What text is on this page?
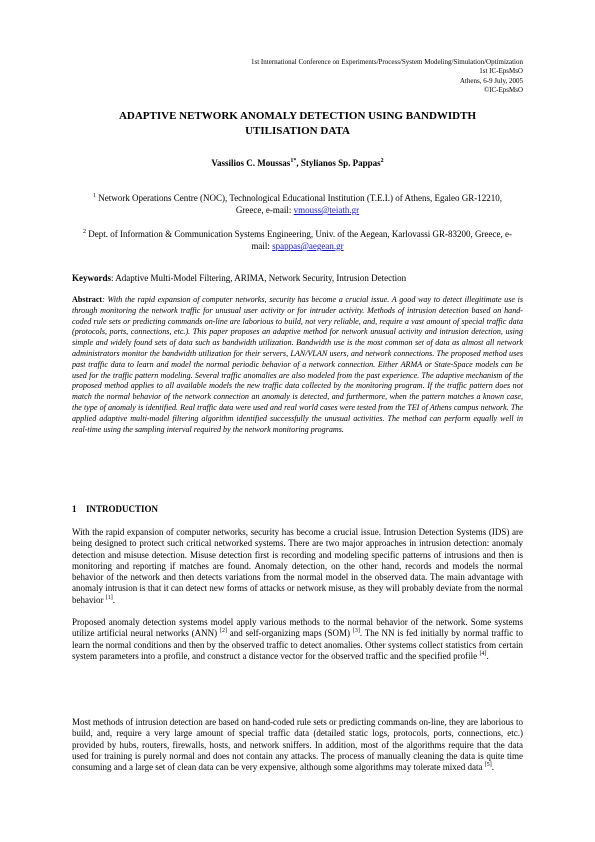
1st International Conference on Experiments/Process/System Modeling/Simulation/Optimization
1st IC-EpsMsO
Athens, 6-9 July, 2005
©IC-EpsMsO
ADAPTIVE NETWORK ANOMALY DETECTION USING BANDWIDTH
UTILISATION DATA
Vassilios C. Moussas$^{1*}$, Stylianos Sp. Pappas$^2$
$^1$ Network Operations Centre (NOC), Technological Educational Institution (T.E.I.) of Athens, Egaleo GR-12210, Greece, e-mail: vmouss@teiath.gr
$^2$ Dept. of Information & Communication Systems Engineering, Univ. of the Aegean, Karlovassi GR-83200, Greece, e-mail: spappas@aegean.gr
Keywords: Adaptive Multi-Model Filtering, ARIMA, Network Security, Intrusion Detection
Abstract: With the rapid expansion of computer networks, security has become a crucial issue. A good way to detect illegitimate use is through monitoring the network traffic for unusual user activity or for intruder activity. Methods of intrusion detection based on hand-coded rule sets or predicting commands on-line are laborious to build, not very reliable, and, require a vast amount of special traffic data (protocols, ports, connections, etc.). This paper proposes an adaptive method for network unusual activity and intrusion detection, using simple and widely found sets of data such as bandwidth utilization. Bandwidth use is the most common set of data as almost all network administrators monitor the bandwidth utilization for their servers, LAN/VLAN users, and network connections. The proposed method uses past traffic data to learn and model the normal periodic behavior of a network connection. Either ARMA or State-Space models can be used for the traffic pattern modeling. Several traffic anomalies are also modeled from the past experience. The adaptive mechanism of the proposed method applies to all available models the new traffic data collected by the monitoring program. If the traffic pattern does not match the normal behavior of the network connection an anomaly is detected, and furthermore, when the pattern matches a known case, the type of anomaly is identified. Real traffic data were used and real world cases were tested from the TEI of Athens campus network. The applied adaptive multi-model filtering algorithm identified successfully the unusual activities. The method can perform equally well in real-time using the sampling interval required by the network monitoring programs.
1 INTRODUCTION

With the rapid expansion of computer networks, security has become a crucial issue. Intrusion Detection Systems (IDS) are being designed to protect such critical networked systems. There are two major approaches in intrusion detection: anomaly detection and misuse detection. Misuse detection first is recording and modeling specific patterns of intrusions and then is monitoring and reporting if matches are found. Anomaly detection, on the other hand, records and models the normal behavior of the network and then detects variations from the normal model in the observed data. The main advantage with anomaly intrusion is that it can detect new forms of attacks or network misuse, as they will probably deviate from the normal behavior [1].

Proposed anomaly detection systems model apply various methods to the normal behavior of the network. Some systems utilize artificial neural networks (ANN) [2] and self-organizing maps (SOM) [3]. The NN is fed initially by normal traffic to learn the normal conditions and then by the observed traffic to detect anomalies. Other systems collect statistics from certain system parameters into a profile, and construct a distance vector for the observed traffic and the specified profile [4].

Most methods of intrusion detection are based on hand-coded rule sets or predicting commands on-line, they are laborious to build, and, require a very large amount of special traffic data (detailed static logs, protocols, ports, connections, etc.) provided by hubs, routers, firewalls, hosts, and network sniffers. In addition, most of the algorithms require that the data used for training is purely normal and does not contain any attacks. The process of manually cleaning the data is quite time consuming and a large set of clean data can be very expensive, although some algorithms may tolerate mixed data [5].
